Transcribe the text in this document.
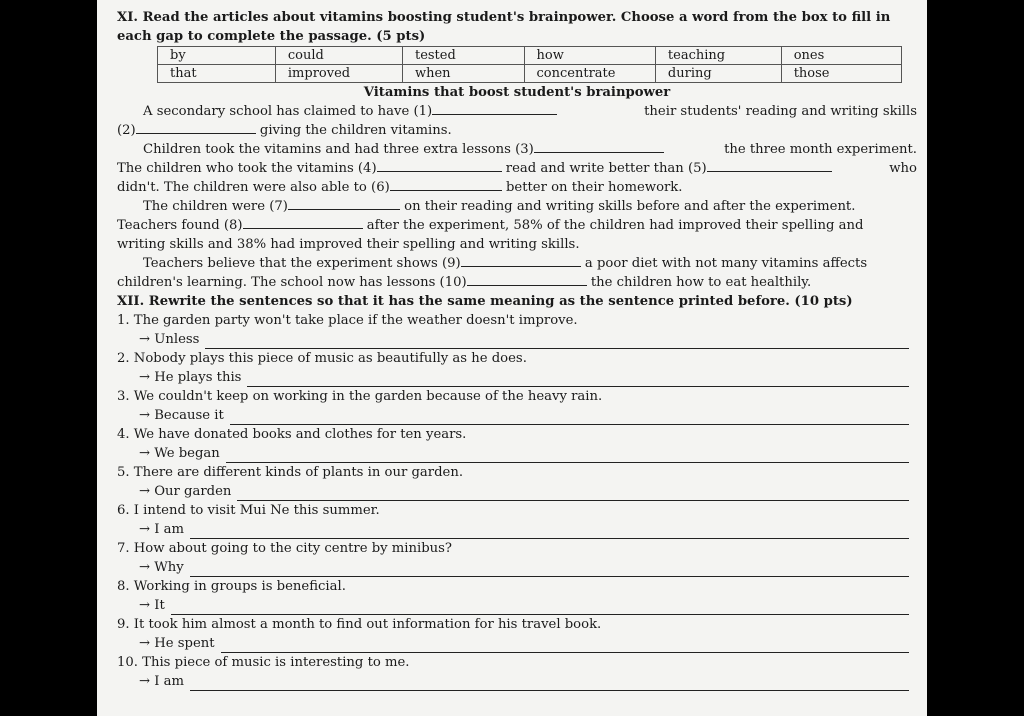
XI. Read the articles about vitamins boosting student's brainpower. Choose a word from the box to fill in each gap to complete the passage. (5 pts)
by	could	tested	how	teaching	ones
that	improved	when	concentrate	during	those
Vitamins that boost student's brainpower
A secondary school has claimed to have (1)	their students' reading and writing skills
(2)	giving the children vitamins.
Children took the vitamins and had three extra lessons (3)	the three month experiment.
The children who took the vitamins (4)	read and write better than (5)	who
didn't. The children were also able to (6)	better on their homework.
The children were (7)	on their reading and writing skills before and after the experiment.
Teachers found (8)	after the experiment, 58% of the children had improved their spelling and
writing skills and 38% had improved their spelling and writing skills.
Teachers believe that the experiment shows (9)	a poor diet with not many vitamins affects
children's learning. The school now has lessons (10)	the children how to eat healthily.
XII. Rewrite the sentences so that it has the same meaning as the sentence printed before. (10 pts)
1. The garden party won't take place if the weather doesn't improve.
→ Unless
2. Nobody plays this piece of music as beautifully as he does.
→ He plays this
3. We couldn't keep on working in the garden because of the heavy rain.
→ Because it
4. We have donated books and clothes for ten years.
→ We began
5. There are different kinds of plants in our garden.
→ Our garden
6. I intend to visit Mui Ne this summer.
→ I am
7. How about going to the city centre by minibus?
→ Why
8. Working in groups is beneficial.
→ It
9. It took him almost a month to find out information for his travel book.
→ He spent
10. This piece of music is interesting to me.
→ I am
